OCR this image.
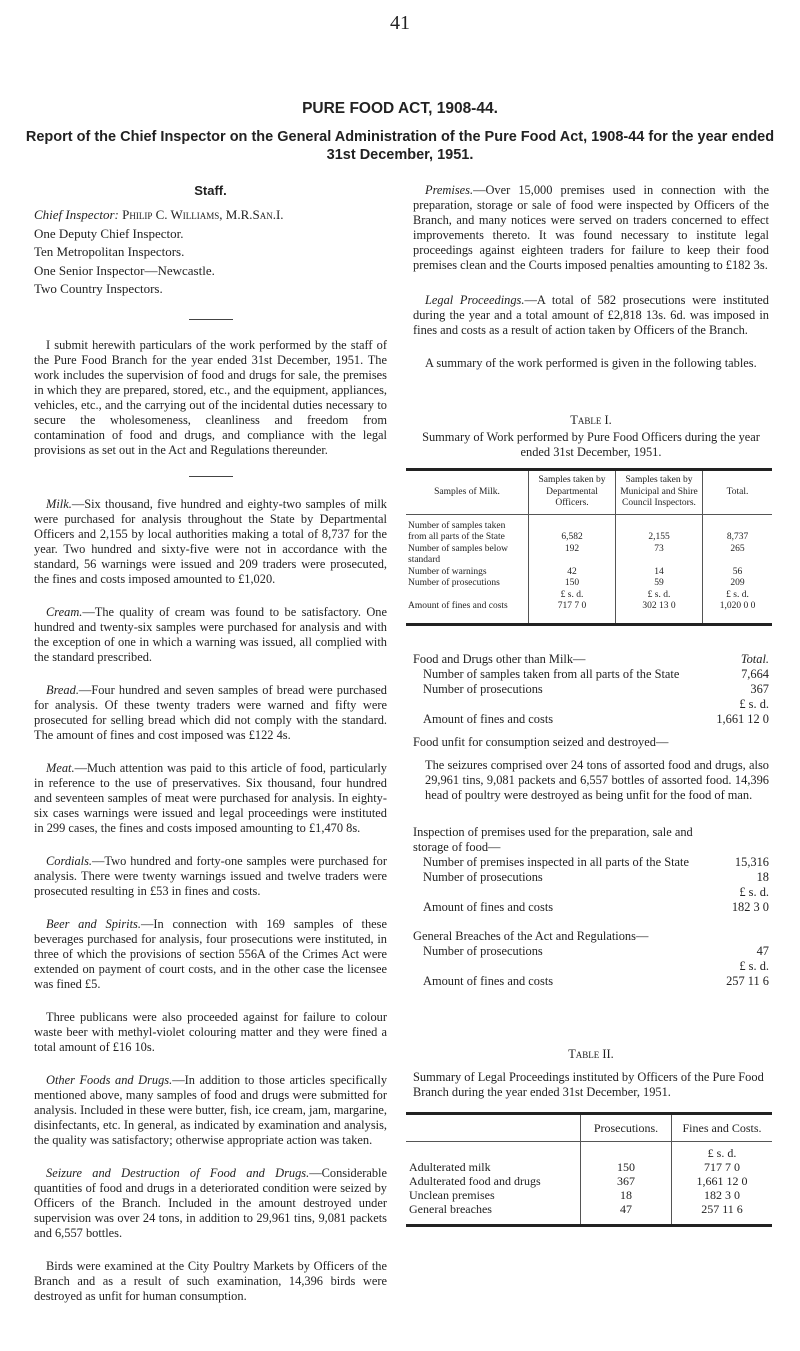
41
PURE FOOD ACT, 1908-44.
Report of the Chief Inspector on the General Administration of the Pure Food Act, 1908-44 for the year ended 31st December, 1951.
Staff.
Chief Inspector: Philip C. Williams, M.R.San.I.
One Deputy Chief Inspector.
Ten Metropolitan Inspectors.
One Senior Inspector—Newcastle.
Two Country Inspectors.

I submit herewith particulars of the work performed by the staff of the Pure Food Branch for the year ended 31st December, 1951. The work includes the supervision of food and drugs for sale, the premises in which they are prepared, stored, etc., and the equipment, appliances, vehicles, etc., and the carrying out of the incidental duties necessary to secure the wholesomeness, cleanliness and freedom from contamination of food and drugs, and compliance with the legal provisions as set out in the Act and Regulations thereunder.

Milk.—Six thousand, five hundred and eighty-two samples of milk were purchased for analysis throughout the State by Departmental Officers and 2,155 by local authorities making a total of 8,737 for the year. Two hundred and sixty-five were not in accordance with the standard, 56 warnings were issued and 209 traders were prosecuted, the fines and costs imposed amounted to £1,020.

Cream.—The quality of cream was found to be satisfactory. One hundred and twenty-six samples were purchased for analysis and with the exception of one in which a warning was issued, all complied with the standard prescribed.

Bread.—Four hundred and seven samples of bread were purchased for analysis. Of these twenty traders were warned and fifty were prosecuted for selling bread which did not comply with the standard. The amount of fines and cost imposed was £122 4s.

Meat.—Much attention was paid to this article of food, particularly in reference to the use of preservatives. Six thousand, four hundred and seventeen samples of meat were purchased for analysis. In eighty-six cases warnings were issued and legal proceedings were instituted in 299 cases, the fines and costs imposed amounting to £1,470 8s.

Cordials.—Two hundred and forty-one samples were purchased for analysis. There were twenty warnings issued and twelve traders were prosecuted resulting in £53 in fines and costs.

Beer and Spirits.—In connection with 169 samples of these beverages purchased for analysis, four prosecutions were instituted, in three of which the provisions of section 556A of the Crimes Act were extended on payment of court costs, and in the other case the licensee was fined £5.

Three publicans were also proceeded against for failure to colour waste beer with methyl-violet colouring matter and they were fined a total amount of £16 10s.

Other Foods and Drugs.—In addition to those articles specifically mentioned above, many samples of food and drugs were submitted for analysis. Included in these were butter, fish, ice cream, jam, margarine, disinfectants, etc. In general, as indicated by examination and analysis, the quality was satisfactory; otherwise appropriate action was taken.

Seizure and Destruction of Food and Drugs.—Considerable quantities of food and drugs in a deteriorated condition were seized by Officers of the Branch. Included in the amount destroyed under supervision was over 24 tons, in addition to 29,961 tins, 9,081 packets and 6,557 bottles.

Birds were examined at the City Poultry Markets by Officers of the Branch and as a result of such examination, 14,396 birds were destroyed as unfit for human consumption.

Premises.—Over 15,000 premises used in connection with the preparation, storage or sale of food were inspected by Officers of the Branch, and many notices were served on traders concerned to effect improvements thereto. It was found necessary to institute legal proceedings against eighteen traders for failure to keep their food premises clean and the Courts imposed penalties amounting to £182 3s.

Legal Proceedings.—A total of 582 prosecutions were instituted during the year and a total amount of £2,818 13s. 6d. was imposed in fines and costs as a result of action taken by Officers of the Branch.

A summary of the work performed is given in the following tables.

Table I.
Summary of Work performed by Pure Food Officers during the year ended 31st December, 1951.
Samples of Milk.	Samples taken by Departmental Officers.	Samples taken by Municipal and Shire Council Inspectors.	Total.
Number of samples taken from all parts of the State	6,582	2,155	8,737
Number of samples below standard	192	73	265
Number of warnings	42	14	56
Number of prosecutions	150	59	209
	£ s. d.	£ s. d.	£ s. d.
Amount of fines and costs	717 7 0	302 13 0	1,020 0 0
Total.
Food and Drugs other than Milk—
Number of samples taken from all parts of the State	7,664
Number of prosecutions	367
£ s. d.
Amount of fines and costs	1,661 12 0
Food unfit for consumption seized and destroyed—

The seizures comprised over 24 tons of assorted food and drugs, also 29,961 tins, 9,081 packets and 6,557 bottles of assorted food. 14,396 head of poultry were destroyed as being unfit for the food of man.

Inspection of premises used for the preparation, sale and storage of food—
Number of premises inspected in all parts of the State	15,316
Number of prosecutions	18
£ s. d.
Amount of fines and costs	182 3 0
General Breaches of the Act and Regulations—
Number of prosecutions	47
£ s. d.
Amount of fines and costs	257 11 6
Table II.
Summary of Legal Proceedings instituted by Officers of the Pure Food Branch during the year ended 31st December, 1951.
	Prosecutions.	Fines and Costs.
		£ s. d.
Adulterated milk	150	717 7 0
Adulterated food and drugs	367	1,661 12 0
Unclean premises	18	182 3 0
General breaches	47	257 11 6
